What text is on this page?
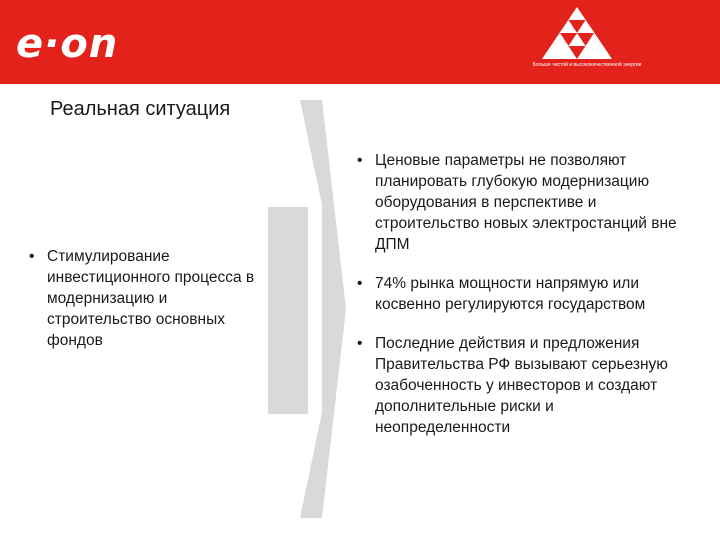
e·on	Больше чистой и высококачественной энергии
Реальная ситуация
• Стимулирование инвестиционного процесса в модернизацию и строительство основных фондов
• Ценовые параметры не позволяют планировать глубокую модернизацию оборудования в перспективе и строительство новых электростанций вне ДПМ
• 74% рынка мощности напрямую или косвенно регулируются государством
• Последние действия и предложения Правительства РФ вызывают серьезную озабоченность у инвесторов и создают дополнительные риски и неопределенности
